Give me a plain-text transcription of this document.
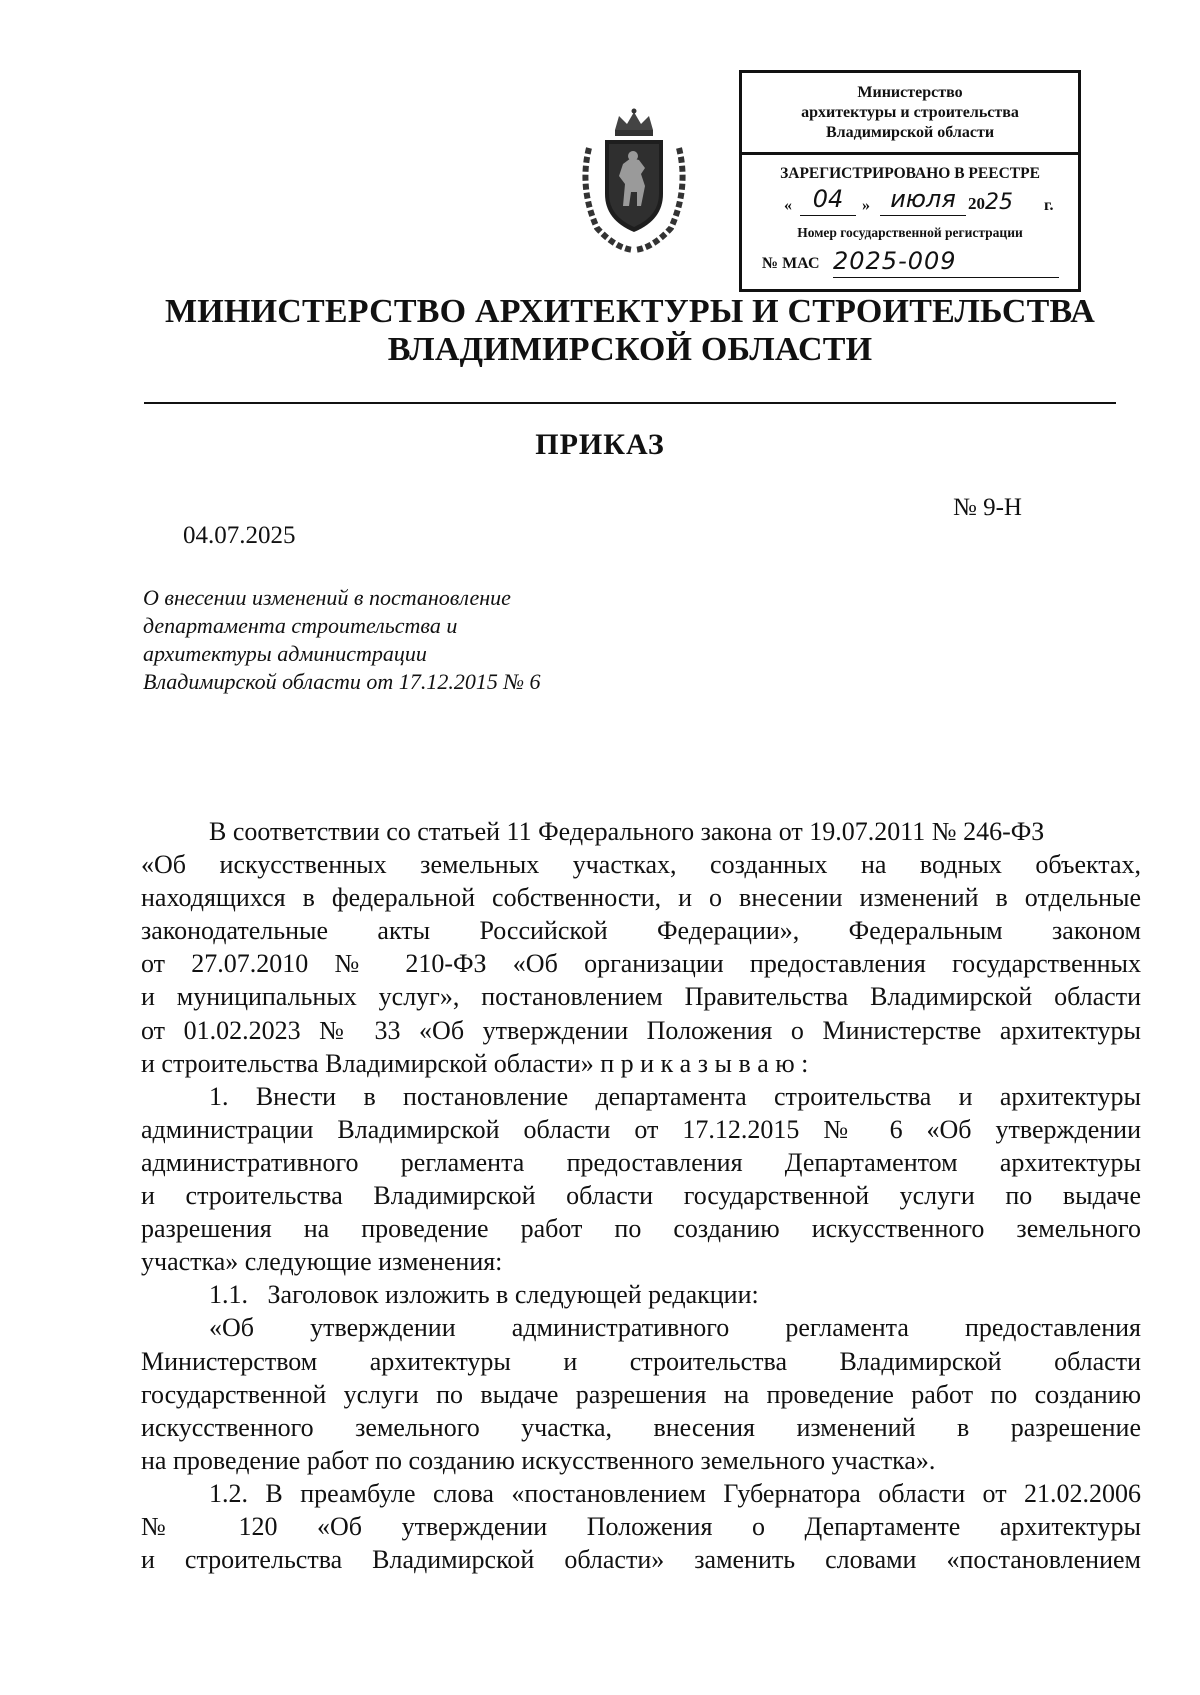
Министерство
архитектуры и строительства
Владимирской области
ЗАРЕГИСТРИРОВАНО В РЕЕСТРЕ
« 04	» июля 2025 г.
Номер государственной регистрации
№ МАС 2025-009
МИНИСТЕРСТВО АРХИТЕКТУРЫ И СТРОИТЕЛЬСТВА
ВЛАДИМИРСКОЙ ОБЛАСТИ
ПРИКАЗ
№ 9-Н
04.07.2025
О внесении изменений в постановление
департамента строительства и
архитектуры администрации
Владимирской области от 17.12.2015 № 6
В соответствии со статьей 11 Федерального закона от 19.07.2011 № 246-ФЗ
«Об искусственных земельных участках, созданных на водных объектах,
находящихся в федеральной собственности, и о внесении изменений в отдельные
законодательные акты Российской Федерации», Федеральным законом
от 27.07.2010 № 210-ФЗ «Об организации предоставления государственных
и муниципальных услуг», постановлением Правительства Владимирской области
от 01.02.2023 № 33 «Об утверждении Положения о Министерстве архитектуры
и строительства Владимирской области» п р и к а з ы в а ю :
1. Внести в постановление департамента строительства и архитектуры
администрации Владимирской области от 17.12.2015 № 6 «Об утверждении
административного регламента предоставления Департаментом архитектуры
и строительства Владимирской области государственной услуги по выдаче
разрешения на проведение работ по созданию искусственного земельного
участка» следующие изменения:
1.1.   Заголовок изложить в следующей редакции:
«Об утверждении административного регламента предоставления
Министерством архитектуры и строительства Владимирской области
государственной услуги по выдаче разрешения на проведение работ по созданию
искусственного земельного участка, внесения изменений в разрешение
на проведение работ по созданию искусственного земельного участка».
1.2. В преамбуле слова «постановлением Губернатора области от 21.02.2006
№ 120 «Об утверждении Положения о Департаменте архитектуры
и строительства Владимирской области» заменить словами «постановлением
